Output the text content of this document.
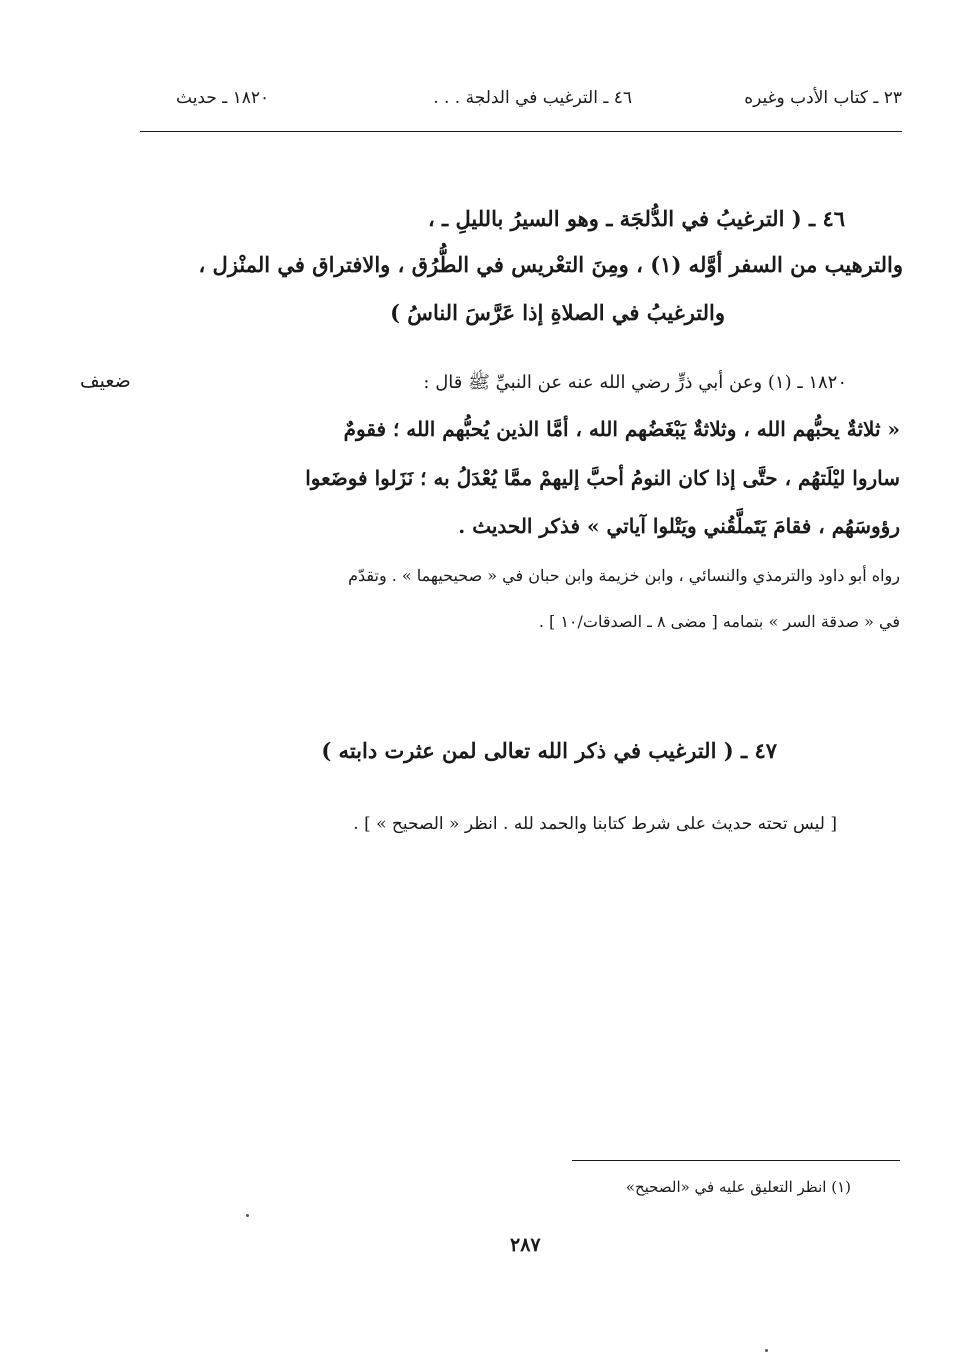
٢٣ ـ كتاب الأدب وغيره
٤٦ ـ الترغيب في الدلجة . . .
١٨٢٠ ـ حديث
٤٦ ـ ( الترغيبُ في الدُّلجَة ـ وهو السيرُ بالليلِ ـ ،
والترهيب من السفر أوَّله (١) ، ومِنَ التعْريس في الطُّرُق ، والافتراق في المنْزل ،
والترغيبُ في الصلاةِ إذا عَرَّسَ الناسُ )
ضعيف	١٨٢٠ ـ (١) وعن أبي ذرٍّ رضي الله عنه عن النبيِّ ﷺ قال :
« ثلاثةٌ يحبُّهم الله ، وثلاثةٌ يَبْغَضُهم الله ، أمَّا الذين يُحبُّهم الله ؛ فقومٌ
ساروا ليْلَتهُم ، حتَّى إذا كان النومُ أحبَّ إليهمْ ممَّا يُعْدَلُ به ؛ نَزَلوا فوضَعوا
رؤوسَهُم ، فقامَ يَتَملَّقُني ويَتْلوا آياتي » فذكر الحديث .
رواه أبو داود والترمذي والنسائي ، وابن خزيمة وابن حبان في « صحيحيهما » . وتقدّم
في « صدقة السر » بتمامه [ مضى ٨ ـ الصدقات/١٠ ] .
٤٧ ـ ( الترغيب في ذكر الله تعالى لمن عثرت دابته )
[ ليس تحته حديث على شرط كتابنا والحمد لله . انظر « الصحيح » ] .
(١) انظر التعليق عليه في «الصحيح»
٢٨٧
